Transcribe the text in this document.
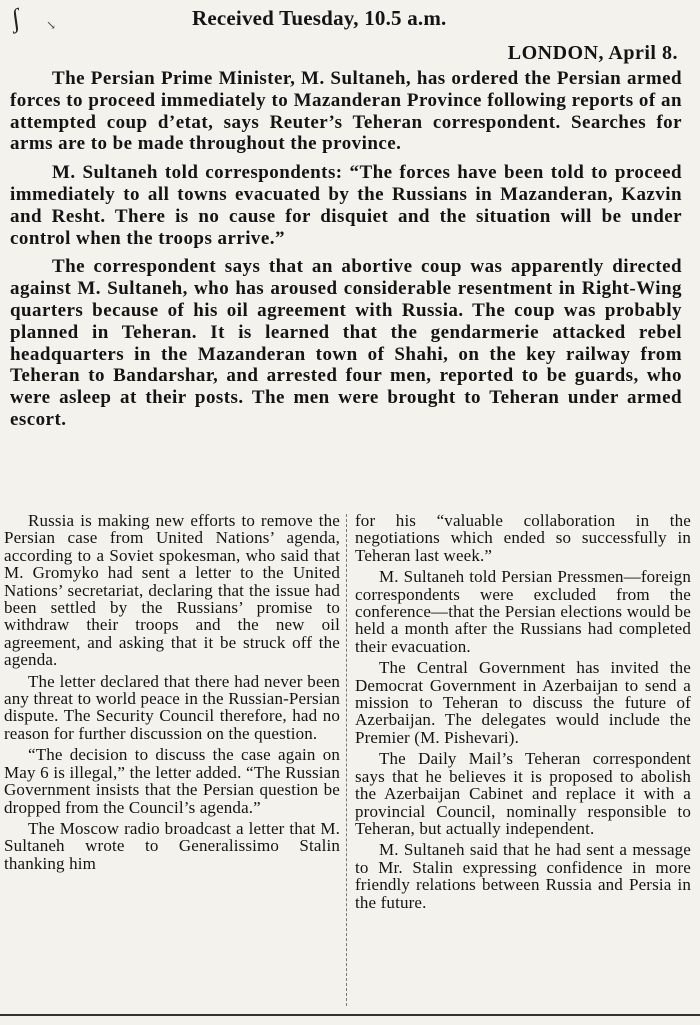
ʃ ↘	Received Tuesday, 10.5 a.m.
LONDON, April 8.

The Persian Prime Minister, M. Sultaneh, has ordered the Persian armed forces to proceed immediately to Mazanderan Province following reports of an attempted coup d’etat, says Reuter’s Teheran correspondent. Searches for arms are to be made throughout the province.

M. Sultaneh told correspondents: “The forces have been told to proceed immediately to all towns evacuated by the Russians in Mazanderan, Kazvin and Resht. There is no cause for disquiet and the situation will be under control when the troops arrive.”

The correspondent says that an abortive coup was apparently directed against M. Sultaneh, who has aroused considerable resentment in Right-Wing quarters because of his oil agreement with Russia. The coup was probably planned in Teheran. It is learned that the gendarmerie attacked rebel headquarters in the Mazanderan town of Shahi, on the key railway from Teheran to Bandarshar, and arrested four men, reported to be guards, who were asleep at their posts. The men were brought to Teheran under armed escort.

Russia is making new efforts to remove the Persian case from United Nations’ agenda, according to a Soviet spokesman, who said that M. Gromyko had sent a letter to the United Nations’ secretariat, declaring that the issue had been settled by the Russians’ promise to withdraw their troops and the new oil agreement, and asking that it be struck off the agenda.

The letter declared that there had never been any threat to world peace in the Russian-Persian dispute. The Security Council therefore, had no reason for further discussion on the question.

“The decision to discuss the case again on May 6 is illegal,” the letter added. “The Russian Government insists that the Persian question be dropped from the Council’s agenda.”

The Moscow radio broadcast a letter that M. Sultaneh wrote to Generalissimo Stalin thanking him

for his “valuable collaboration in the negotiations which ended so successfully in Teheran last week.”

M. Sultaneh told Persian Pressmen—foreign correspondents were excluded from the conference—that the Persian elections would be held a month after the Russians had completed their evacuation.

The Central Government has invited the Democrat Government in Azerbaijan to send a mission to Teheran to discuss the future of Azerbaijan. The delegates would include the Premier (M. Pishevari).

The Daily Mail’s Teheran correspondent says that he believes it is proposed to abolish the Azerbaijan Cabinet and replace it with a provincial Council, nominally responsible to Teheran, but actually independent.

M. Sultaneh said that he had sent a message to Mr. Stalin expressing confidence in more friendly relations between Russia and Persia in the future.
